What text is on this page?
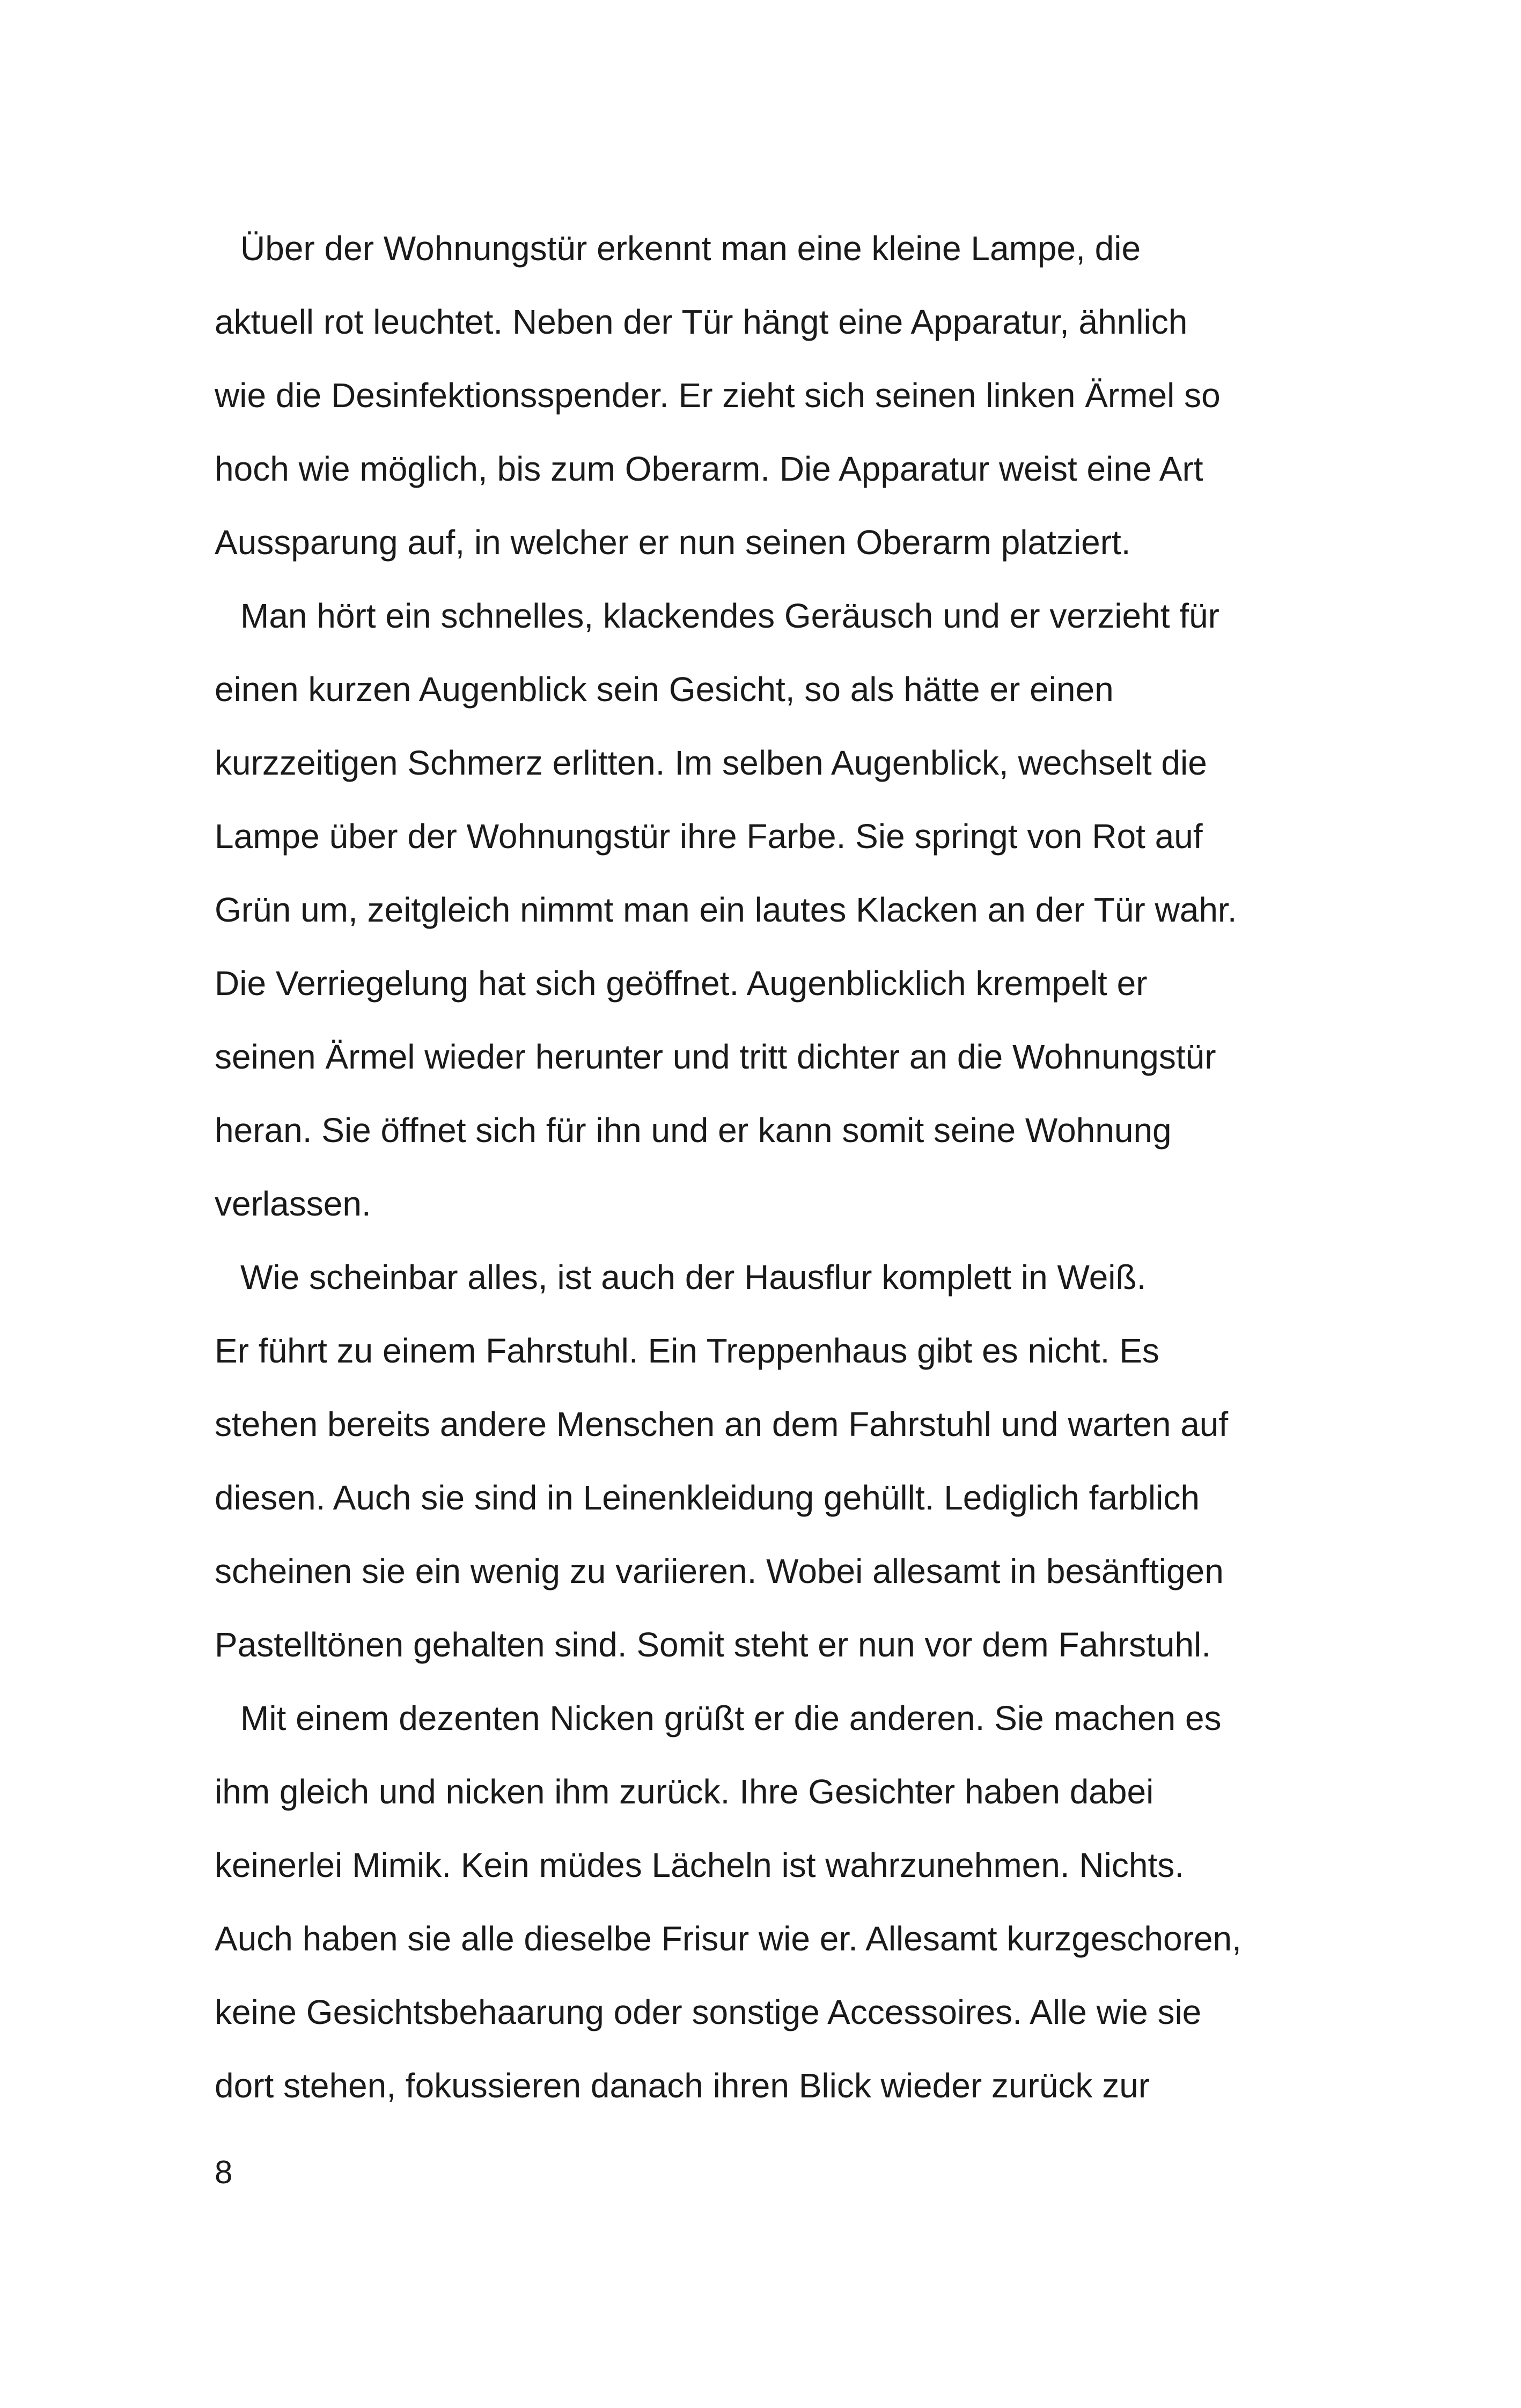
Über der Wohnungstür erkennt man eine kleine Lampe, die
aktuell rot leuchtet. Neben der Tür hängt eine Apparatur, ähnlich
wie die Desinfektionsspender. Er zieht sich seinen linken Ärmel so
hoch wie möglich, bis zum Oberarm. Die Apparatur weist eine Art
Aussparung auf, in welcher er nun seinen Oberarm platziert.
Man hört ein schnelles, klackendes Geräusch und er verzieht für
einen kurzen Augenblick sein Gesicht, so als hätte er einen
kurzzeitigen Schmerz erlitten. Im selben Augenblick, wechselt die
Lampe über der Wohnungstür ihre Farbe. Sie springt von Rot auf
Grün um, zeitgleich nimmt man ein lautes Klacken an der Tür wahr.
Die Verriegelung hat sich geöffnet. Augenblicklich krempelt er
seinen Ärmel wieder herunter und tritt dichter an die Wohnungstür
heran. Sie öffnet sich für ihn und er kann somit seine Wohnung
verlassen.
Wie scheinbar alles, ist auch der Hausflur komplett in Weiß.
Er führt zu einem Fahrstuhl. Ein Treppenhaus gibt es nicht. Es
stehen bereits andere Menschen an dem Fahrstuhl und warten auf
diesen. Auch sie sind in Leinenkleidung gehüllt. Lediglich farblich
scheinen sie ein wenig zu variieren. Wobei allesamt in besänftigen
Pastelltönen gehalten sind. Somit steht er nun vor dem Fahrstuhl.
Mit einem dezenten Nicken grüßt er die anderen. Sie machen es
ihm gleich und nicken ihm zurück. Ihre Gesichter haben dabei
keinerlei Mimik. Kein müdes Lächeln ist wahrzunehmen. Nichts.
Auch haben sie alle dieselbe Frisur wie er. Allesamt kurzgeschoren,
keine Gesichtsbehaarung oder sonstige Accessoires. Alle wie sie
dort stehen, fokussieren danach ihren Blick wieder zurück zur
8
